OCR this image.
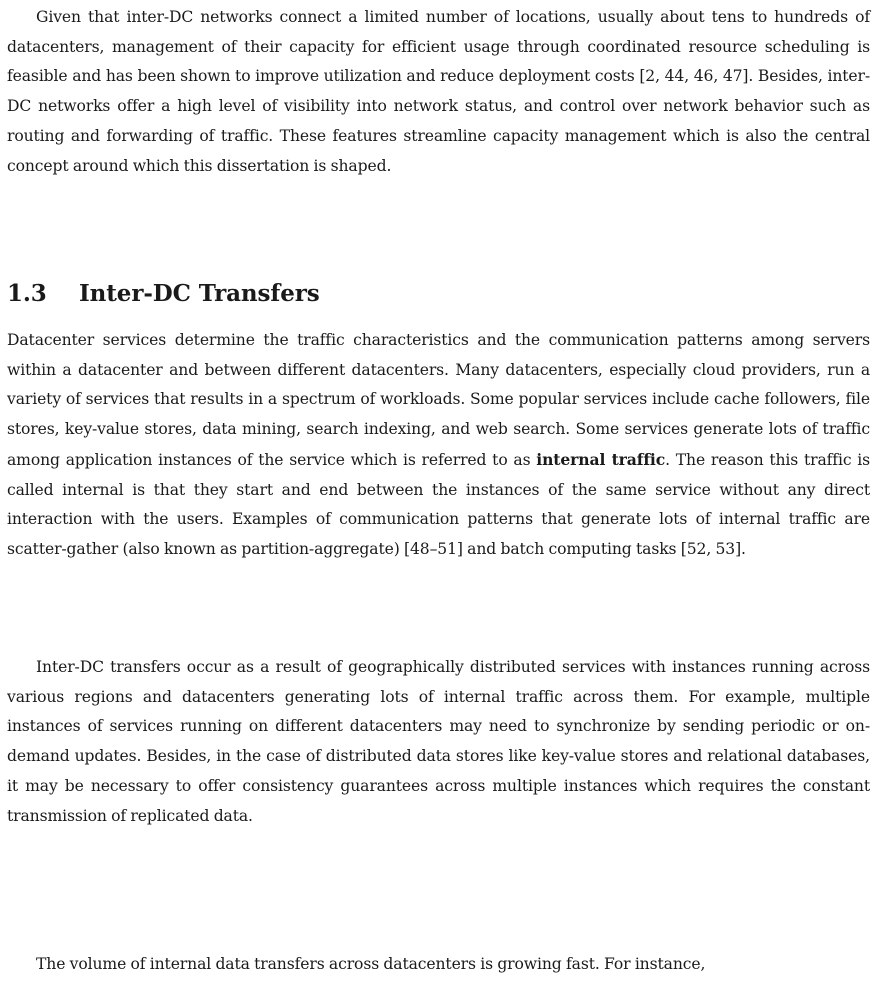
Given that inter-DC networks connect a limited number of locations, usually about tens to hundreds of datacenters, management of their capacity for efficient usage through coordinated resource scheduling is feasible and has been shown to improve utilization and reduce deployment costs [2, 44, 46, 47]. Besides, inter-DC networks offer a high level of visibility into network status, and control over network behavior such as routing and forwarding of traffic. These features streamline capacity management which is also the central concept around which this dissertation is shaped.

1.3 Inter-DC Transfers

Datacenter services determine the traffic characteristics and the communication patterns among servers within a datacenter and between different datacenters. Many datacenters, especially cloud providers, run a variety of services that results in a spectrum of workloads. Some popular services include cache followers, file stores, key-value stores, data mining, search indexing, and web search. Some services generate lots of traffic among application instances of the service which is referred to as internal traffic. The reason this traffic is called internal is that they start and end between the instances of the same service without any direct interaction with the users. Examples of communication patterns that generate lots of internal traffic are scatter-gather (also known as partition-aggregate) [48–51] and batch computing tasks [52, 53].

Inter-DC transfers occur as a result of geographically distributed services with instances running across various regions and datacenters generating lots of internal traffic across them. For example, multiple instances of services running on different datacenters may need to synchronize by sending periodic or on-demand updates. Besides, in the case of distributed data stores like key-value stores and relational databases, it may be necessary to offer consistency guarantees across multiple instances which requires the constant transmission of replicated data.

The volume of internal data transfers across datacenters is growing fast. For instance,
